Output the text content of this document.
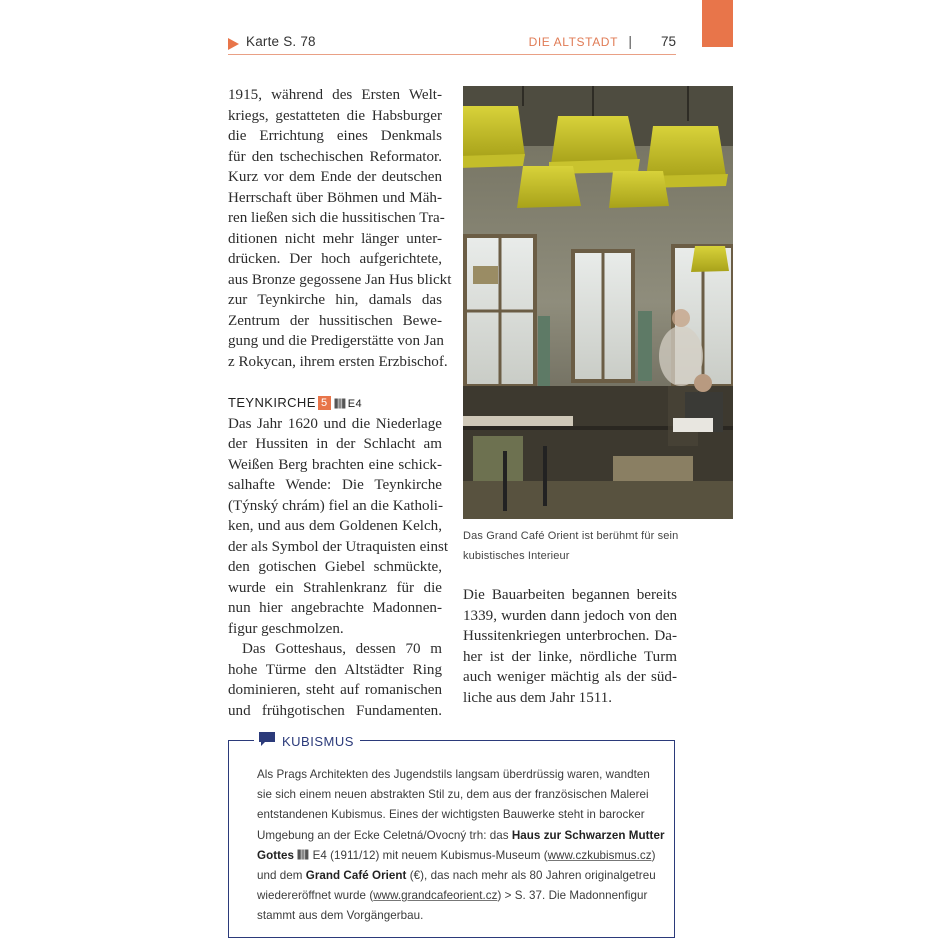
Karte S. 78	DIE ALTSTADT | 75

1915, während des Ersten Welt-
kriegs, gestatteten die Habsburger
die Errichtung eines Denkmals
für den tschechischen Reformator.
Kurz vor dem Ende der deutschen
Herrschaft über Böhmen und Mäh-
ren ließen sich die hussitischen Tra-
ditionen nicht mehr länger unter-
drücken. Der hoch aufgerichtete,
aus Bronze gegossene Jan Hus blickt
zur Teynkirche hin, damals das
Zentrum der hussitischen Bewe-
gung und die Predigerstätte von Jan
z Rokycan, ihrem ersten Erzbischof.

TEYNKIRCHE 5 E4

Das Jahr 1620 und die Niederlage
der Hussiten in der Schlacht am
Weißen Berg brachten eine schick-
salhafte Wende: Die Teynkirche
(Týnský chrám) fiel an die Katholi-
ken, und aus dem Goldenen Kelch,
der als Symbol der Utraquisten einst
den gotischen Giebel schmückte,
wurde ein Strahlenkranz für die
nun hier angebrachte Madonnen-
figur geschmolzen.

Das Gotteshaus, dessen 70 m
hohe Türme den Altstädter Ring
dominieren, steht auf romanischen
und frühgotischen Fundamenten.

Das Grand Café Orient ist berühmt für sein
kubistisches Interieur

Die Bauarbeiten begannen bereits
1339, wurden dann jedoch von den
Hussitenkriegen unterbrochen. Da-
her ist der linke, nördliche Turm
auch weniger mächtig als der süd-
liche aus dem Jahr 1511.

KUBISMUS
Als Prags Architekten des Jugendstils langsam überdrüssig waren, wandten
sie sich einem neuen abstrakten Stil zu, dem aus der französischen Malerei
entstandenen Kubismus. Eines der wichtigsten Bauwerke steht in barocker
Umgebung an der Ecke Celetná/Ovocný trh: das Haus zur Schwarzen Mutter
Gottes  E4 (1911/12) mit neuem Kubismus-Museum (www.czkubismus.cz)
und dem Grand Café Orient (€), das nach mehr als 80 Jahren originalgetreu
wiedereröffnet wurde (www.grandcafeorient.cz) > S. 37. Die Madonnenfigur
stammt aus dem Vorgängerbau.
